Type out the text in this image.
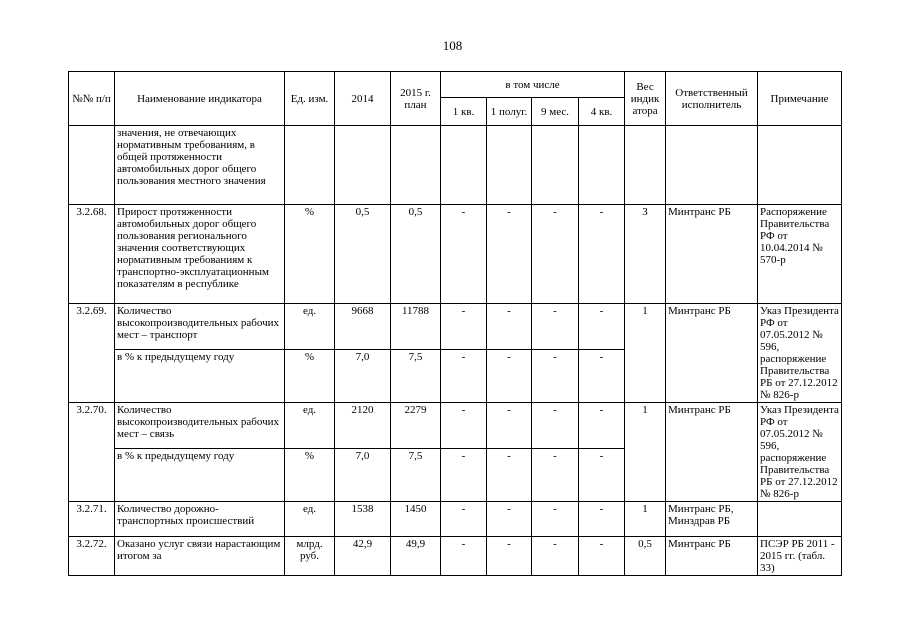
108
№№ п/п	Наименование индикатора	Ед. изм.	2014	2015 г. план	в том числе				Вес индик атора	Ответственный исполнитель	Примечание
					1 кв.	1 полуг.	9 мес.	4 кв.			
	значения, не отвечающих нормативным требованиям, в общей протяженности автомобильных дорог общего пользования местного значения										
3.2.68.	Прирост протяженности автомобильных дорог общего пользования регионального значения соответствующих нормативным требованиям к транспортно-эксплуатационным показателям в республике	%	0,5	0,5	-	-	-	-	3	Минтранс РБ	Распоряжение Правительства РФ от 10.04.2014 № 570-р
3.2.69.	Количество высокопроизводительных рабочих мест – транспорт	ед.	9668	11788	-	-	-	-	1	Минтранс РБ	Указ Президента РФ от 07.05.2012 № 596, распоряжение Правительства РБ от 27.12.2012 № 826-р
	в % к предыдущему году	%	7,0	7,5	-	-	-	-			
3.2.70.	Количество высокопроизводительных рабочих мест – связь	ед.	2120	2279	-	-	-	-	1	Минтранс РБ	Указ Президента РФ от 07.05.2012 № 596, распоряжение Правительства РБ от 27.12.2012 № 826-р
	в % к предыдущему году	%	7,0	7,5	-	-	-	-			
3.2.71.	Количество дорожно-транспортных происшествий	ед.	1538	1450	-	-	-	-	1	Минтранс РБ, Минздрав РБ	
3.2.72.	Оказано услуг связи нарастающим итогом за	млрд. руб.	42,9	49,9	-	-	-	-	0,5	Минтранс РБ	ПСЭР РБ 2011 - 2015 гг. (табл. 33)
